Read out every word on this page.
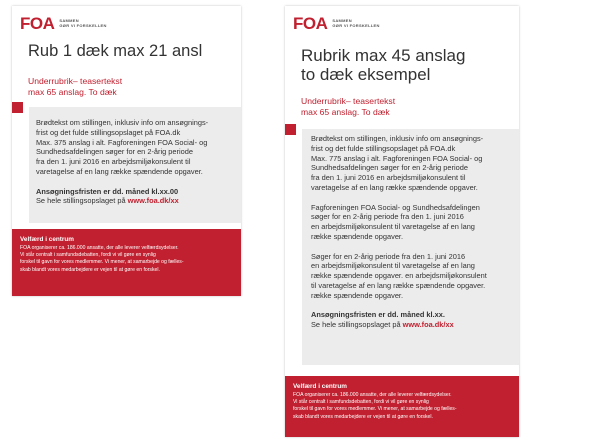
FOA SAMMEN
GØR VI FORSKELLEN
Rub 1 dæk max 21 ansl
Underrubrik– teasertekst
max 65 anslag. To dæk

Brødtekst om stillingen, inklusiv info om ansøgnings-
frist og det fulde stillingsopslaget på FOA.dk
Max. 375 anslag i alt. Fagforeningen FOA Social- og
Sundhedsafdelingen søger for en 2-årig periode
fra den 1. juni 2016 en arbejdsmiljøkonsulent til
varetagelse af en lang række spændende opgaver.

Ansøgningsfristen er dd. måned kl.xx.00
Se hele stillingsopslaget på www.foa.dk/xx
Velfærd i centrum
FOA organiserer ca. 186.000 ansatte, der alle leverer velfærdsydelser.
Vi står centralt i samfundsdebatten, fordi vi vil gøre en synlig
forskel til gavn for vores medlemmer. Vi mener, at samarbejde og fælles-
skab blandt vores medarbejdere er vejen til at gøre en forskel.
FOA SAMMEN
GØR VI FORSKELLEN
Rubrik max 45 anslag
to dæk eksempel
Underrubrik– teasertekst
max 65 anslag. To dæk

Brødtekst om stillingen, inklusiv info om ansøgnings-
frist og det fulde stillingsopslaget på FOA.dk
Max. 775 anslag i alt. Fagforeningen FOA Social- og
Sundhedsafdelingen søger for en 2-årig periode
fra den 1. juni 2016 en arbejdsmiljøkonsulent til
varetagelse af en lang række spændende opgaver.

Fagforeningen FOA Social- og Sundhedsafdelingen
søger for en 2-årig periode fra den 1. juni 2016
en arbejdsmiljøkonsulent til varetagelse af en lang
række spændende opgaver.

Søger for en 2-årig periode fra den 1. juni 2016
en arbejdsmiljøkonsulent til varetagelse af en lang
række spændende opgaver. en arbejdsmiljøkonsulent
til varetagelse af en lang række spændende opgaver.
række spændende opgaver.

Ansøgningsfristen er dd. måned kl.xx.
Se hele stillingsopslaget på www.foa.dk/xx
Velfærd i centrum
FOA organiserer ca. 186.000 ansatte, der alle leverer velfærdsydelser.
Vi står centralt i samfundsdebatten, fordi vi vil gøre en synlig
forskel til gavn for vores medlemmer. Vi mener, at samarbejde og fælles-
skab blandt vores medarbejdere er vejen til at gøre en forskel.
